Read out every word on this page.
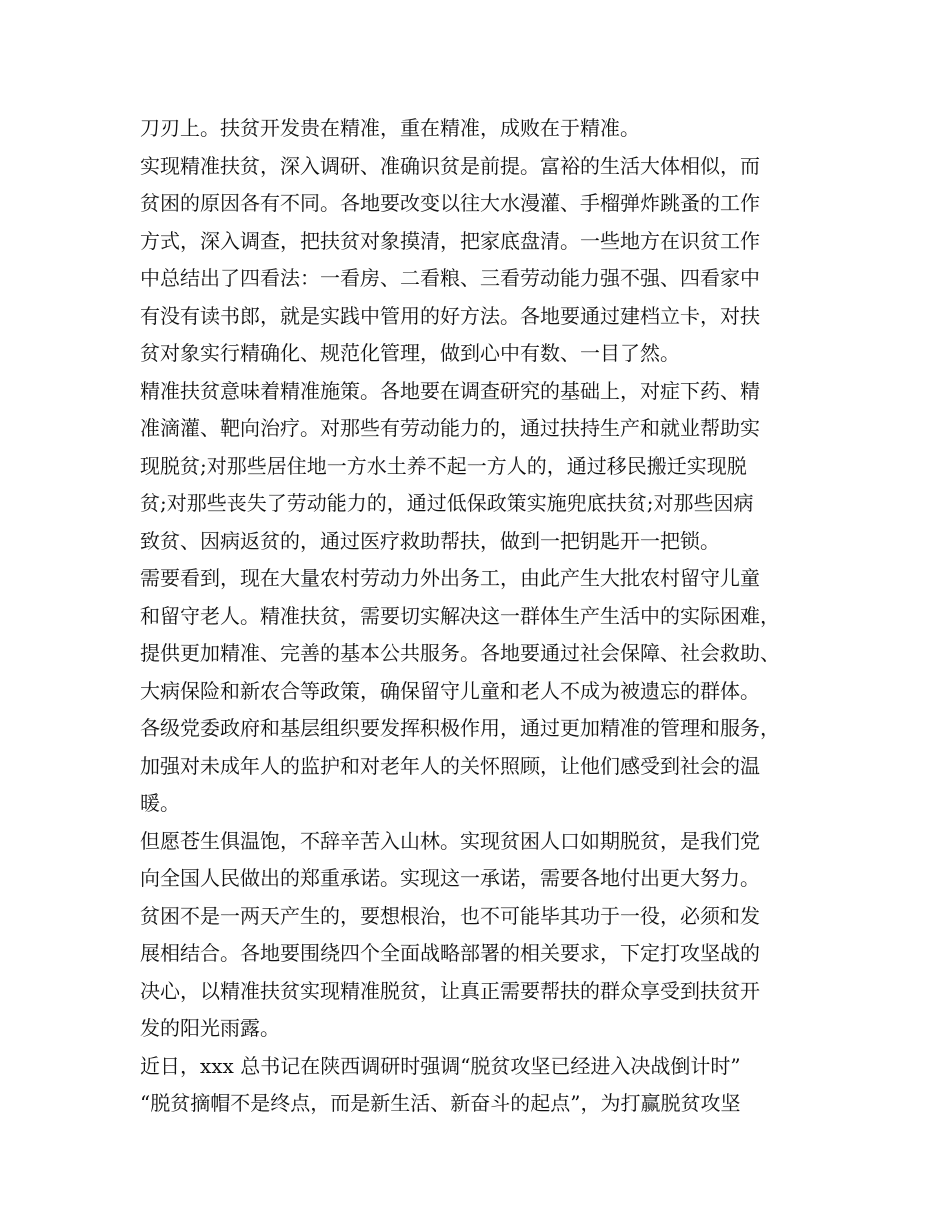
刀刃上。扶贫开发贵在精准，重在精准，成败在于精准。
实现精准扶贫，深入调研、准确识贫是前提。富裕的生活大体相似，而
贫困的原因各有不同。各地要改变以往大水漫灌、手榴弹炸跳蚤的工作
方式，深入调查，把扶贫对象摸清，把家底盘清。一些地方在识贫工作
中总结出了四看法：一看房、二看粮、三看劳动能力强不强、四看家中
有没有读书郎，就是实践中管用的好方法。各地要通过建档立卡，对扶
贫对象实行精确化、规范化管理，做到心中有数、一目了然。
精准扶贫意味着精准施策。各地要在调查研究的基础上，对症下药、精
准滴灌、靶向治疗。对那些有劳动能力的，通过扶持生产和就业帮助实
现脱贫;对那些居住地一方水土养不起一方人的，通过移民搬迁实现脱
贫;对那些丧失了劳动能力的，通过低保政策实施兜底扶贫;对那些因病
致贫、因病返贫的，通过医疗救助帮扶，做到一把钥匙开一把锁。
需要看到，现在大量农村劳动力外出务工，由此产生大批农村留守儿童
和留守老人。精准扶贫，需要切实解决这一群体生产生活中的实际困难，
提供更加精准、完善的基本公共服务。各地要通过社会保障、社会救助、
大病保险和新农合等政策，确保留守儿童和老人不成为被遗忘的群体。
各级党委政府和基层组织要发挥积极作用，通过更加精准的管理和服务，
加强对未成年人的监护和对老年人的关怀照顾，让他们感受到社会的温
暖。
但愿苍生俱温饱，不辞辛苦入山林。实现贫困人口如期脱贫，是我们党
向全国人民做出的郑重承诺。实现这一承诺，需要各地付出更大努力。
贫困不是一两天产生的，要想根治，也不可能毕其功于一役，必须和发
展相结合。各地要围绕四个全面战略部署的相关要求，下定打攻坚战的
决心，以精准扶贫实现精准脱贫，让真正需要帮扶的群众享受到扶贫开
发的阳光雨露。
近日，xxx 总书记在陕西调研时强调“脱贫攻坚已经进入决战倒计时”
“脱贫摘帽不是终点，而是新生活、新奋斗的起点”，为打赢脱贫攻坚
